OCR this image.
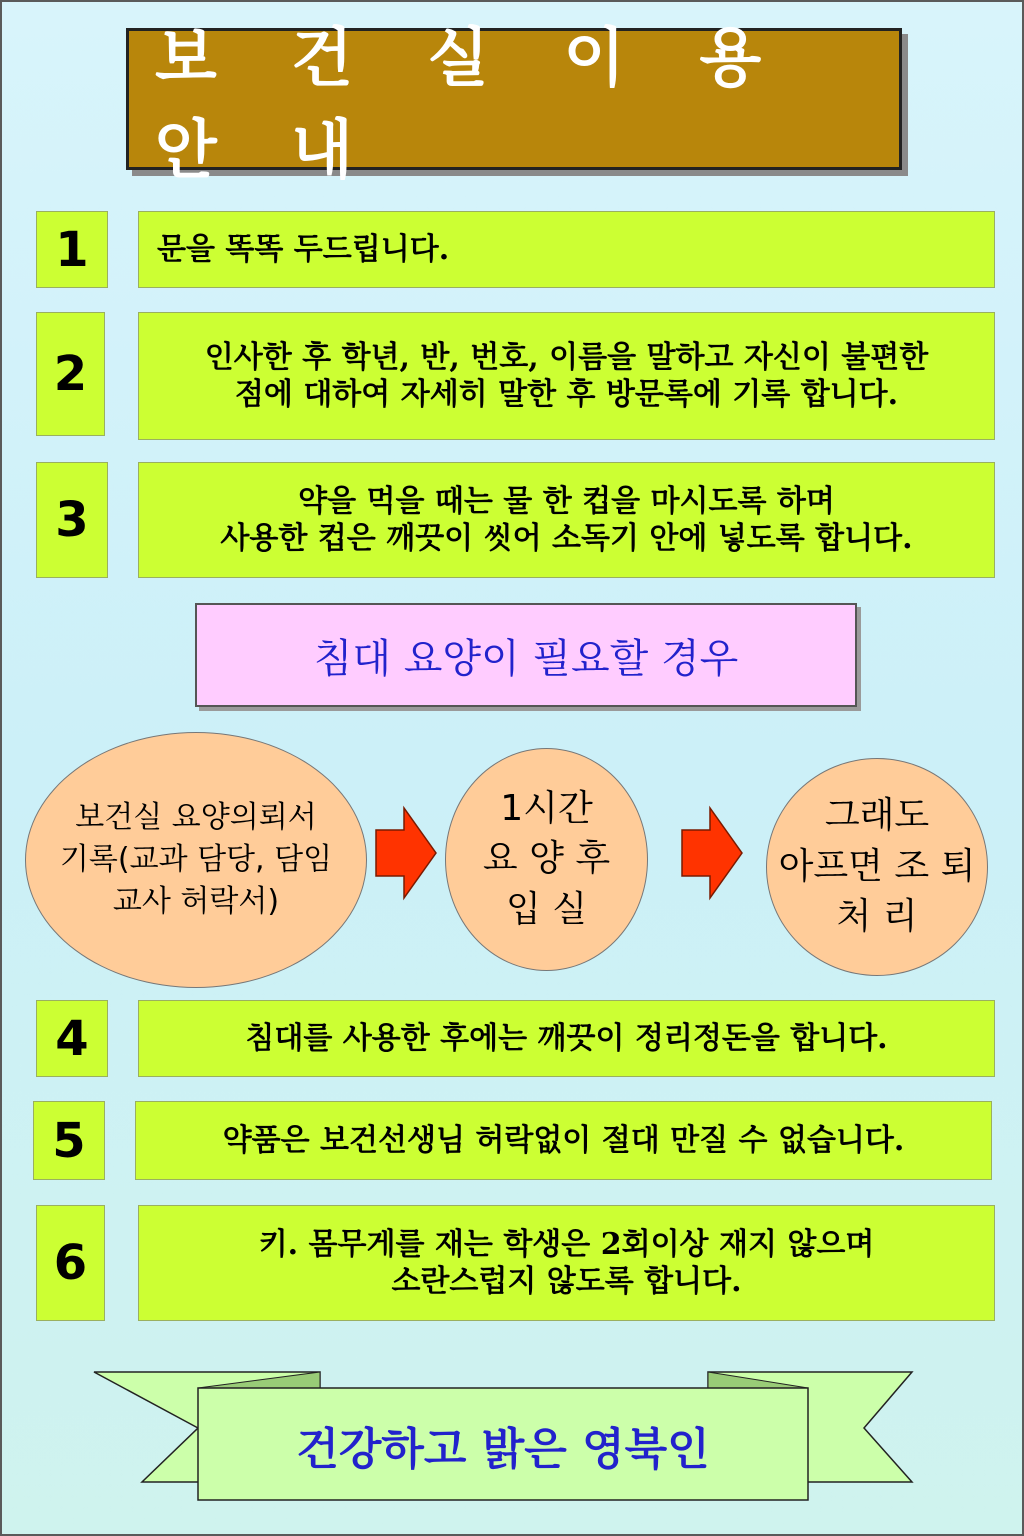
보 건 실 이 용 안 내
1	문을 똑똑 두드립니다.
2	인사한 후 학년, 반, 번호, 이름을 말하고 자신이 불편한
점에 대하여 자세히 말한 후 방문록에 기록 합니다.
3	약을 먹을 때는 물 한 컵을 마시도록 하며
사용한 컵은 깨끗이 씻어 소독기 안에 넣도록 합니다.
침대 요양이 필요할 경우
보건실 요양의뢰서
기록(교과 담당, 담임
교사 허락서)
1시간
요 양 후
입 실
그래도
아프면 조 퇴
처 리
4	침대를 사용한 후에는 깨끗이 정리정돈을 합니다.
5	약품은 보건선생님 허락없이 절대 만질 수 없습니다.
6	키. 몸무게를 재는 학생은 2회이상 재지 않으며
소란스럽지 않도록 합니다.
건강하고 밝은 영북인
